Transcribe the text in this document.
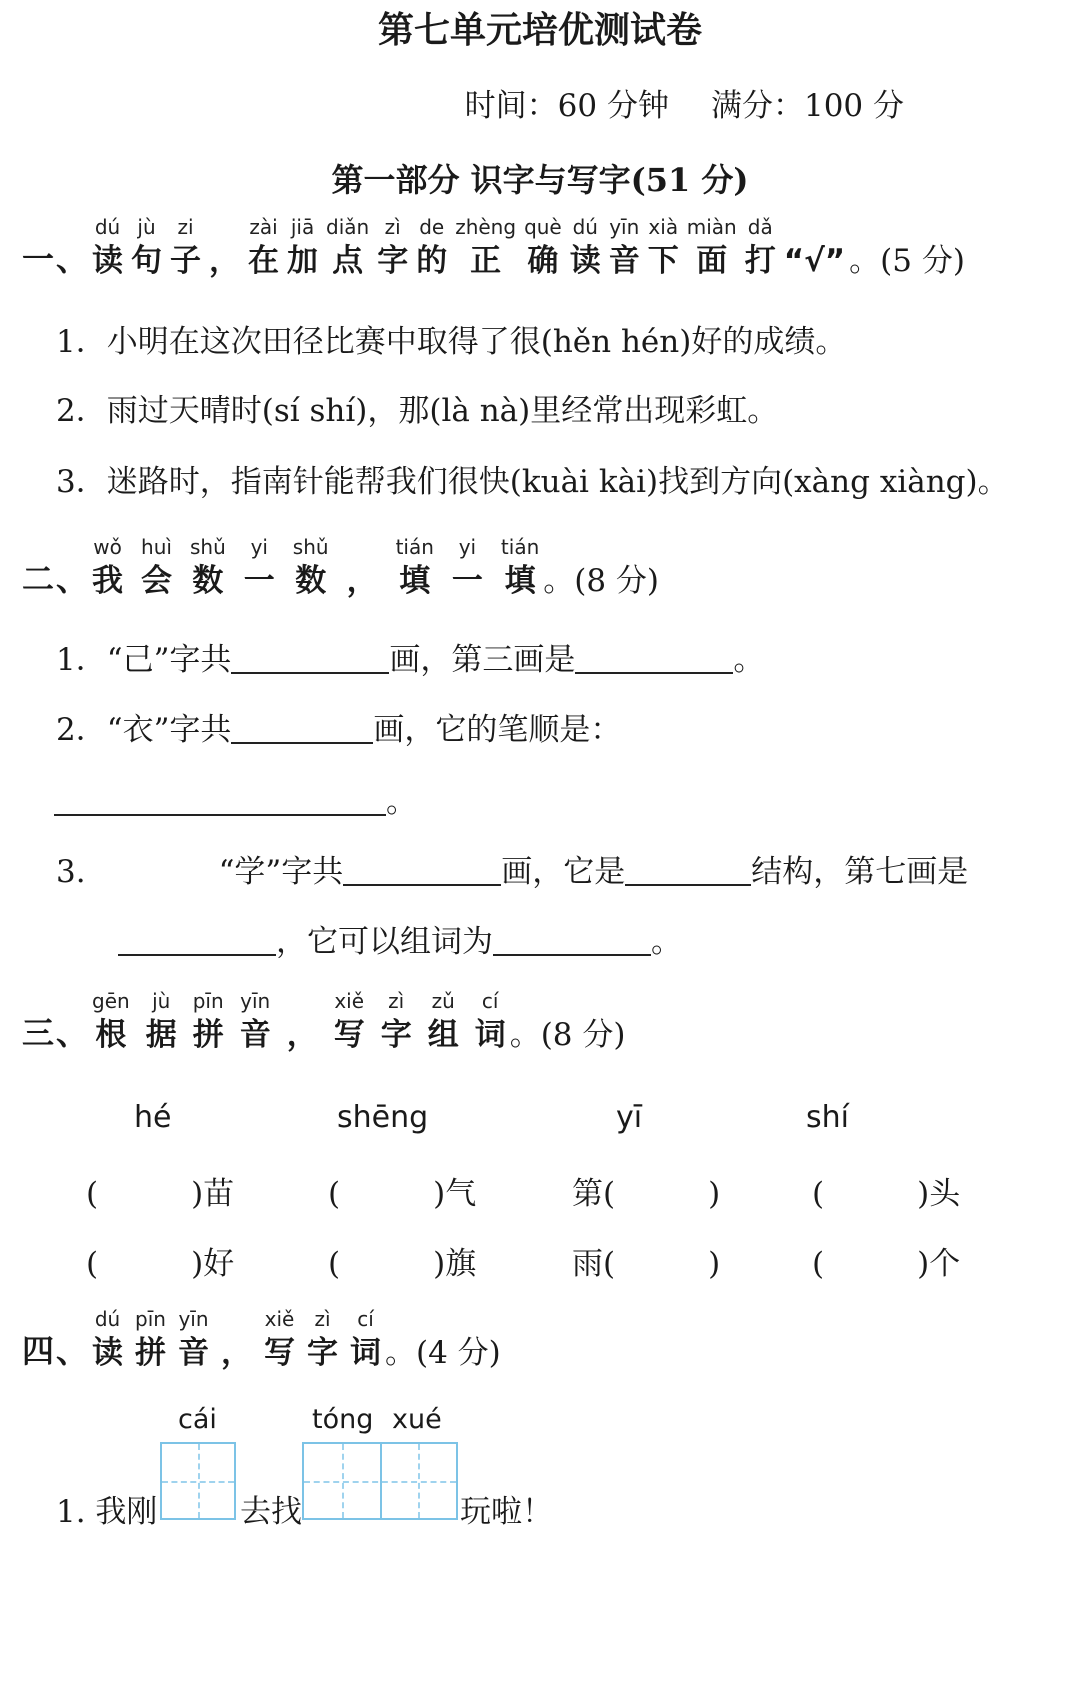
第七单元培优测试卷
时间：60 分钟 满分：100 分
第一部分 识字与写字(51 分)
一、
dú
读
jù
句
zi
子 ，
zài
在
jiā
加
diǎn
点
zì
字
de
的
zhèng
正
què
确
dú
读
yīn
音
xià
下
miàn
面
dǎ
打 “√” 。(5 分)
1．小明在这次田径比赛中取得了很(hěn hén)好的成绩。
2．雨过天晴时(sí shí)，那(là nà)里经常出现彩虹。
3．迷路时，指南针能帮我们很快(kuài kài)找到方向(xàng xiàng)。
二、
wǒ
我
huì
会
shǔ
数
yi
一
shǔ
数 ，
tián
填
yi
一
tián
填 。(8 分)
1．“己”字共	画，第三画是	。
2．“衣”字共	画，它的笔顺是：
。
3.	“学”字共	画，它是	结构，第七画是
，它可以组词为	。
三、
gēn
根
jù
据
pīn
拼
yīn
音 ，
xiě
写
zì
字
zǔ
组
cí
词 。(8 分)
hé	shēng	yī	shí
(　　　)苗	(　　　)气	第(　　　)	(　　　)头
(　　　)好	(　　　)旗	雨(　　　)	(　　　)个
四、
dú
读
pīn
拼
yīn
音 ，
xiě
写
zì
字
cí
词 。(4 分)
cái	tóng xué
1. 我刚	去找	玩啦！
